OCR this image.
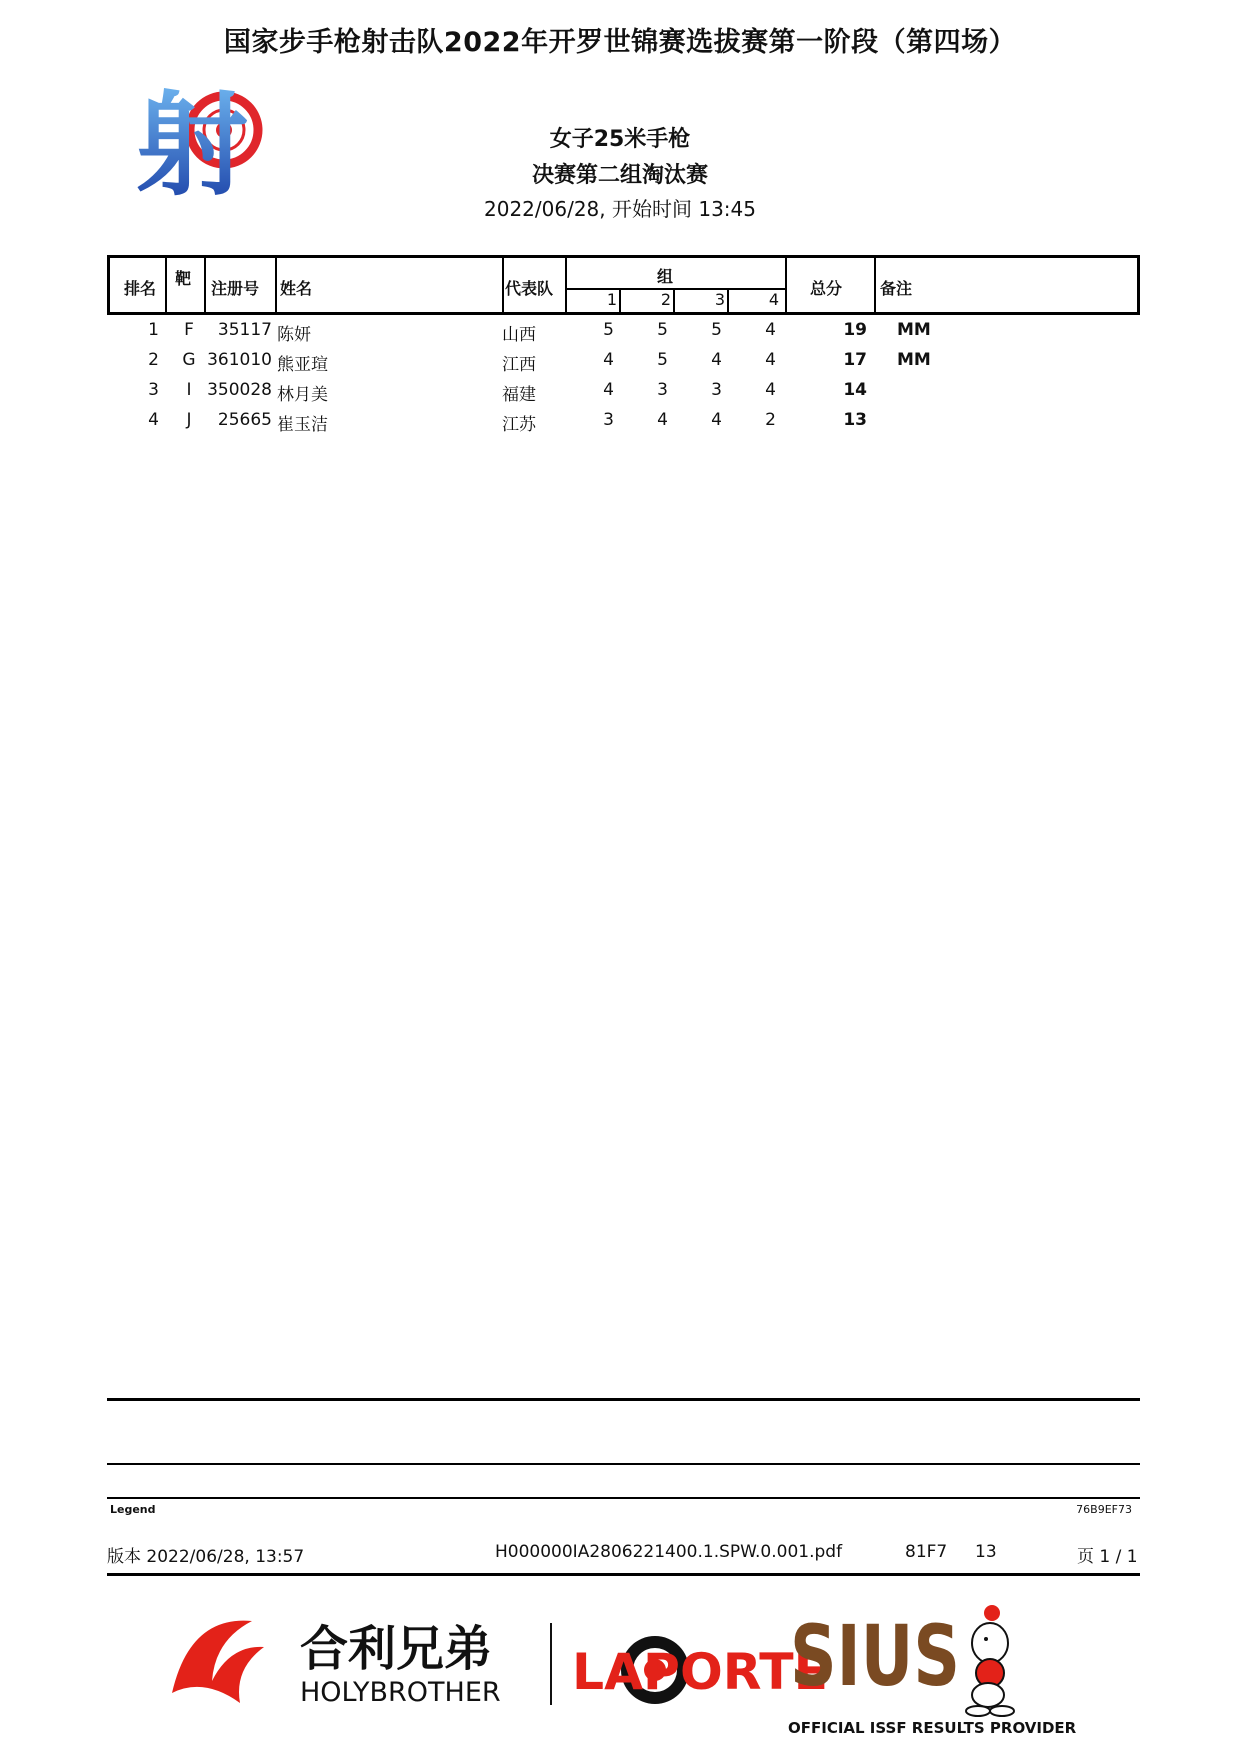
射
国家步手枪射击队2022年开罗世锦赛选拔赛第一阶段（第四场）
女子25米手枪
决赛第二组淘汰赛
2022/06/28, 开始时间 13:45
排名
靶
注册号 姓名	代表队
组
1	2	3	4
总分 备注
1	F	35117 陈妍	山西	5	5	5	4	19 MM
2	G 361010 熊亚瑄	江西	4	5	4	4	17 MM
3	I 350028 林月美	福建	4	3	3	4	14
4	J	25665 崔玉洁	江苏	3	4	4	2	13
Legend	76B9EF73
版本 2022/06/28, 13:57	H000000IA2806221400.1.SPW.0.001.pdf	81F7 13	页 1 / 1
合利兄弟
HOLYBROTHER LAPORTE
SIUS
OFFICIAL ISSF RESULTS PROVIDER
